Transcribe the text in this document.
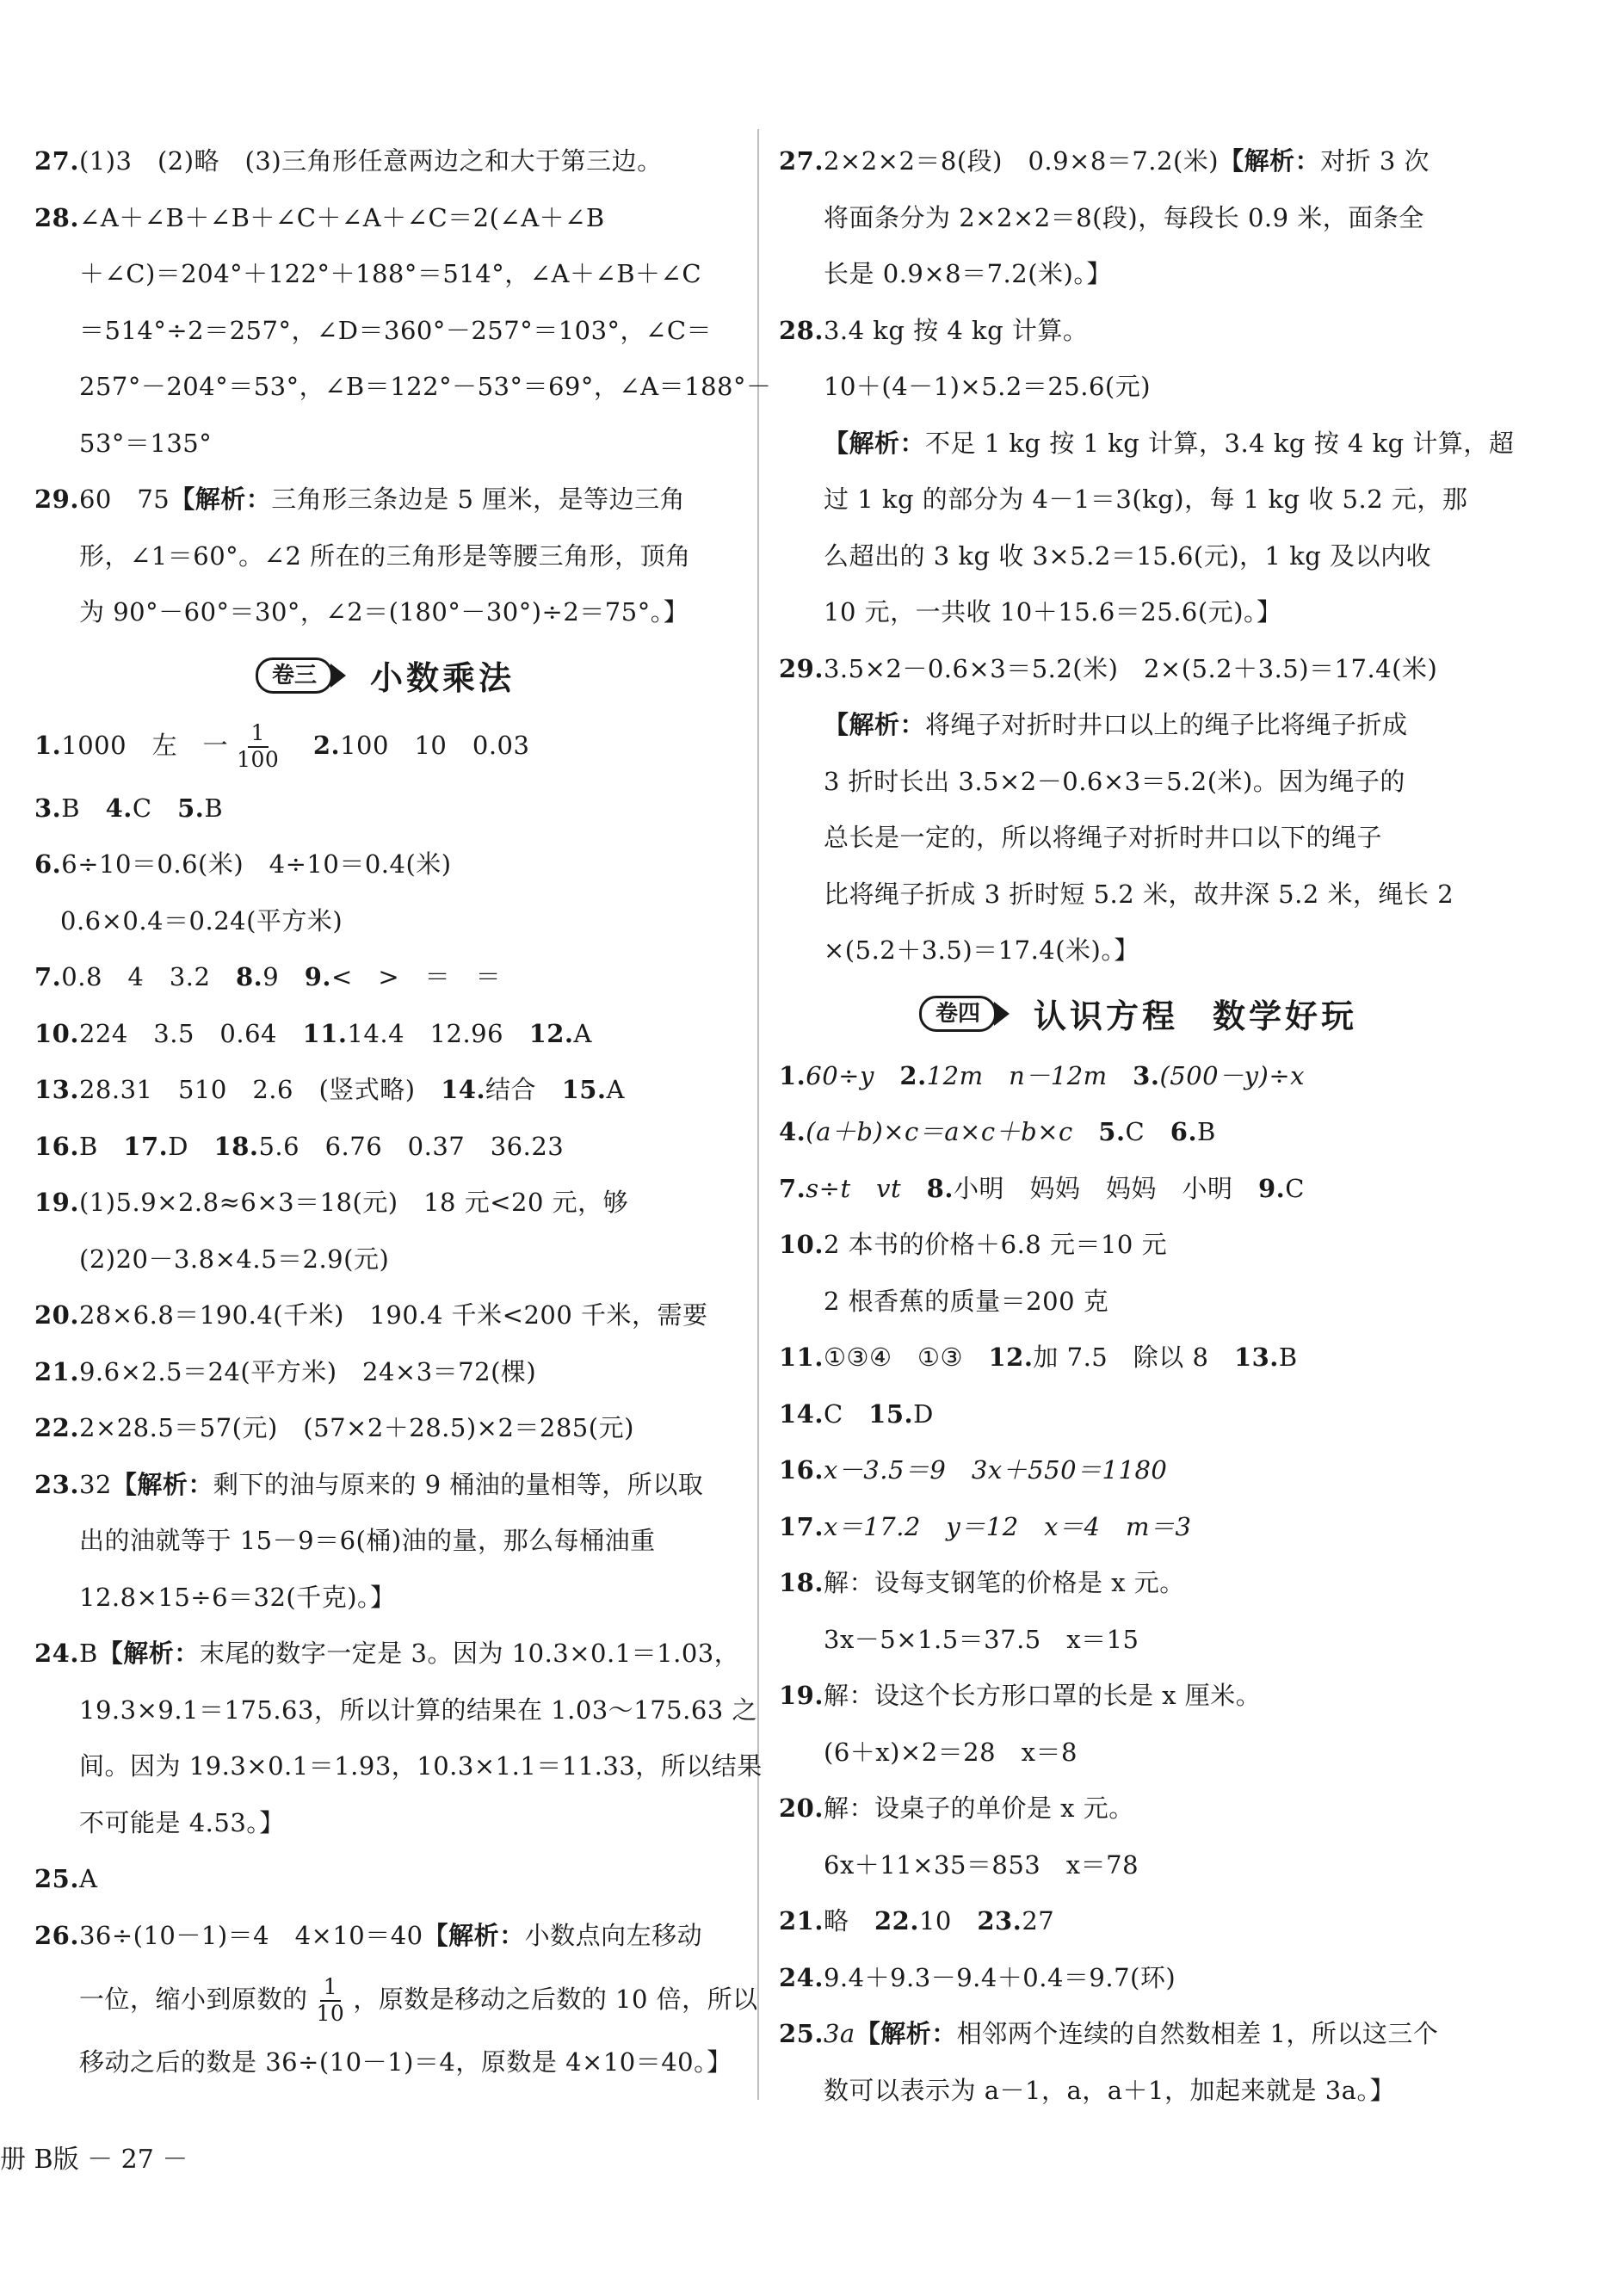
27.(1)3　(2)略　(3)三角形任意两边之和大于第三边。
28.∠A＋∠B＋∠B＋∠C＋∠A＋∠C＝2(∠A＋∠B
＋∠C)＝204°＋122°＋188°＝514°，∠A＋∠B＋∠C
＝514°÷2＝257°，∠D＝360°－257°＝103°，∠C＝
257°－204°＝53°，∠B＝122°－53°＝69°，∠A＝188°－
53°＝135°
29.60　75【解析：三角形三条边是 5 厘米，是等边三角
形，∠1＝60°。∠2 所在的三角形是等腰三角形，顶角
为 90°－60°＝30°，∠2＝(180°－30°)÷2＝75°。】
卷三	小数乘法
1.1000　左　一 $\frac{1}{100}$
　 2.100　10　0.03
3.B　 4.C　 5.B
6.6÷10＝0.6(米)　4÷10＝0.4(米)
0.6×0.4＝0.24(平方米)
7.0.8　4　3.2　 8.9　 9.<　>　＝　＝
10.224　3.5　0.64　 11.14.4　12.96　 12.A
13.28.31　510　2.6　(竖式略)　 14.结合　 15.A
16.B　 17.D　 18.5.6　6.76　0.37　36.23
19.(1)5.9×2.8≈6×3＝18(元)　18 元<20 元，够
(2)20－3.8×4.5＝2.9(元)
20.28×6.8＝190.4(千米)　190.4 千米<200 千米，需要
21.9.6×2.5＝24(平方米)　24×3＝72(棵)
22.2×28.5＝57(元)　(57×2＋28.5)×2＝285(元)
23.32【解析：剩下的油与原来的 9 桶油的量相等，所以取
出的油就等于 15－9＝6(桶)油的量，那么每桶油重
12.8×15÷6＝32(千克)。】
24.B【解析：末尾的数字一定是 3。因为 10.3×0.1＝1.03，
19.3×9.1＝175.63，所以计算的结果在 1.03～175.63 之
间。因为 19.3×0.1＝1.93，10.3×1.1＝11.33，所以结果
不可能是 4.53。】
25.A
26.36÷(10－1)＝4　4×10＝40【解析：小数点向左移动
一位，缩小到原数的 $\frac{1}{10}$ ，原数是移动之后数的 10 倍，所以
移动之后的数是 36÷(10－1)＝4，原数是 4×10＝40。】
27.2×2×2＝8(段)　0.9×8＝7.2(米)【解析：对折 3 次
将面条分为 2×2×2＝8(段)，每段长 0.9 米，面条全
长是 0.9×8＝7.2(米)。】
28.3.4 kg 按 4 kg 计算。
10＋(4－1)×5.2＝25.6(元)
【解析：不足 1 kg 按 1 kg 计算，3.4 kg 按 4 kg 计算，超
过 1 kg 的部分为 4－1＝3(kg)，每 1 kg 收 5.2 元，那
么超出的 3 kg 收 3×5.2＝15.6(元)，1 kg 及以内收
10 元，一共收 10＋15.6＝25.6(元)。】
29.3.5×2－0.6×3＝5.2(米)　2×(5.2＋3.5)＝17.4(米)
【解析：将绳子对折时井口以上的绳子比将绳子折成
3 折时长出 3.5×2－0.6×3＝5.2(米)。因为绳子的
总长是一定的，所以将绳子对折时井口以下的绳子
比将绳子折成 3 折时短 5.2 米，故井深 5.2 米，绳长 2
×(5.2＋3.5)＝17.4(米)。】
卷四	认识方程 数学好玩
1.60÷y　 2.12m　n－12m　 3.(500－y)÷x
4.(a＋b)×c＝a×c＋b×c　 5.C　 6.B
7.s÷t　vt　 8.小明　妈妈　妈妈　小明　 9.C
10.2 本书的价格＋6.8 元＝10 元
2 根香蕉的质量＝200 克
11.①③④　①③　 12.加 7.5　除以 8　 13.B
14.C　 15.D
16.x－3.5＝9　3x＋550＝1180
17.x＝17.2　y＝12　x＝4　m＝3
18.解：设每支钢笔的价格是 x 元。
3x－5×1.5＝37.5　x＝15
19.解：设这个长方形口罩的长是 x 厘米。
(6＋x)×2＝28　x＝8
20.解：设桌子的单价是 x 元。
6x＋11×35＝853　x＝78
21.略　 22.10　 23.27
24.9.4＋9.3－9.4＋0.4＝9.7(环)
25.3a【解析：相邻两个连续的自然数相差 1，所以这三个
数可以表示为 a－1，a，a＋1，加起来就是 3a。】
册 B版 － 27 －
